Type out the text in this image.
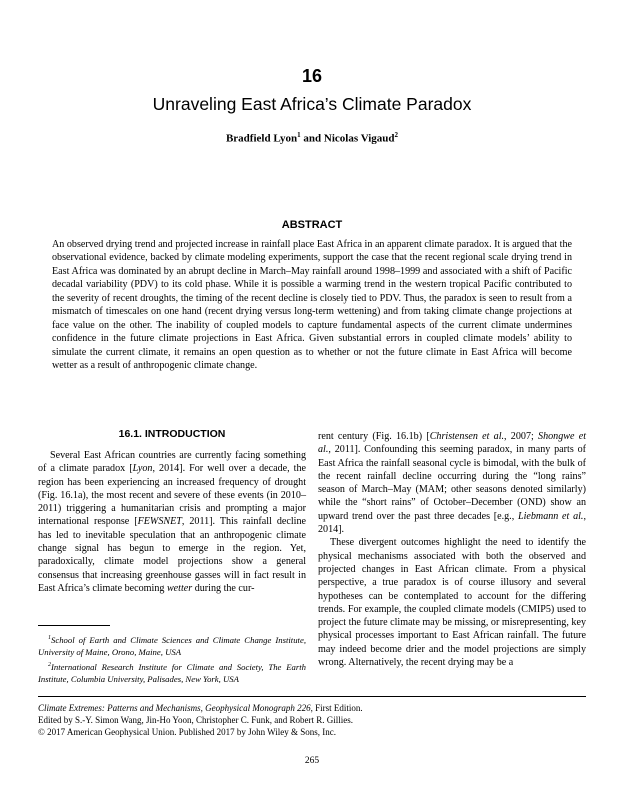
16
Unraveling East Africa’s Climate Paradox
Bradfield Lyon$^1$ and Nicolas Vigaud$^2$
ABSTRACT
An observed drying trend and projected increase in rainfall place East Africa in an apparent climate paradox. It is argued that the observational evidence, backed by climate modeling experiments, support the case that the recent regional scale drying trend in East Africa was dominated by an abrupt decline in March–May rainfall around 1998–1999 and associated with a shift of Pacific decadal variability (PDV) to its cold phase. While it is possible a warming trend in the western tropical Pacific contributed to the severity of recent droughts, the timing of the recent decline is closely tied to PDV. Thus, the paradox is seen to result from a mismatch of timescales on one hand (recent drying versus long-term wettening) and from taking climate change projections at face value on the other. The inability of coupled models to capture fundamental aspects of the current climate undermines confidence in the future climate projections in East Africa. Given substantial errors in coupled climate models’ ability to simulate the current climate, it remains an open question as to whether or not the future climate in East Africa will become wetter as a result of anthropogenic climate change.
16.1. INTRODUCTION

Several East African countries are currently facing something of a climate paradox [Lyon, 2014]. For well over a decade, the region has been experiencing an increased frequency of drought (Fig. 16.1a), the most recent and severe of these events (in 2010–2011) triggering a humanitarian crisis and prompting a major international response [FEWSNET, 2011]. This rainfall decline has led to inevitable speculation that an anthropogenic climate change signal has begun to emerge in the region. Yet, paradoxically, climate model projections show a general consensus that increasing greenhouse gasses will in fact result in East Africa’s climate becoming wetter during the cur-

rent century (Fig. 16.1b) [Christensen et al., 2007; Shongwe et al., 2011]. Confounding this seeming paradox, in many parts of East Africa the rainfall seasonal cycle is bimodal, with the bulk of the recent rainfall decline occurring during the “long rains” season of March–May (MAM; other seasons denoted similarly) while the “short rains” of October–December (OND) show an upward trend over the past three decades [e.g., Liebmann et al., 2014].

These divergent outcomes highlight the need to identify the physical mechanisms associated with both the observed and projected changes in East African climate. From a physical perspective, a true paradox is of course illusory and several hypotheses can be contemplated to account for the differing trends. For example, the coupled climate models (CMIP5) used to project the future climate may be missing, or misrepresenting, key physical processes important to East African rainfall. The future may indeed become drier and the model projections are simply wrong. Alternatively, the recent drying may be a

$^1$School of Earth and Climate Sciences and Climate Change Institute, University of Maine, Orono, Maine, USA

$^2$International Research Institute for Climate and Society, The Earth Institute, Columbia University, Palisades, New York, USA

Climate Extremes: Patterns and Mechanisms, Geophysical Monograph 226, First Edition.
Edited by S.-Y. Simon Wang, Jin-Ho Yoon, Christopher C. Funk, and Robert R. Gillies.
© 2017 American Geophysical Union. Published 2017 by John Wiley & Sons, Inc.
265
